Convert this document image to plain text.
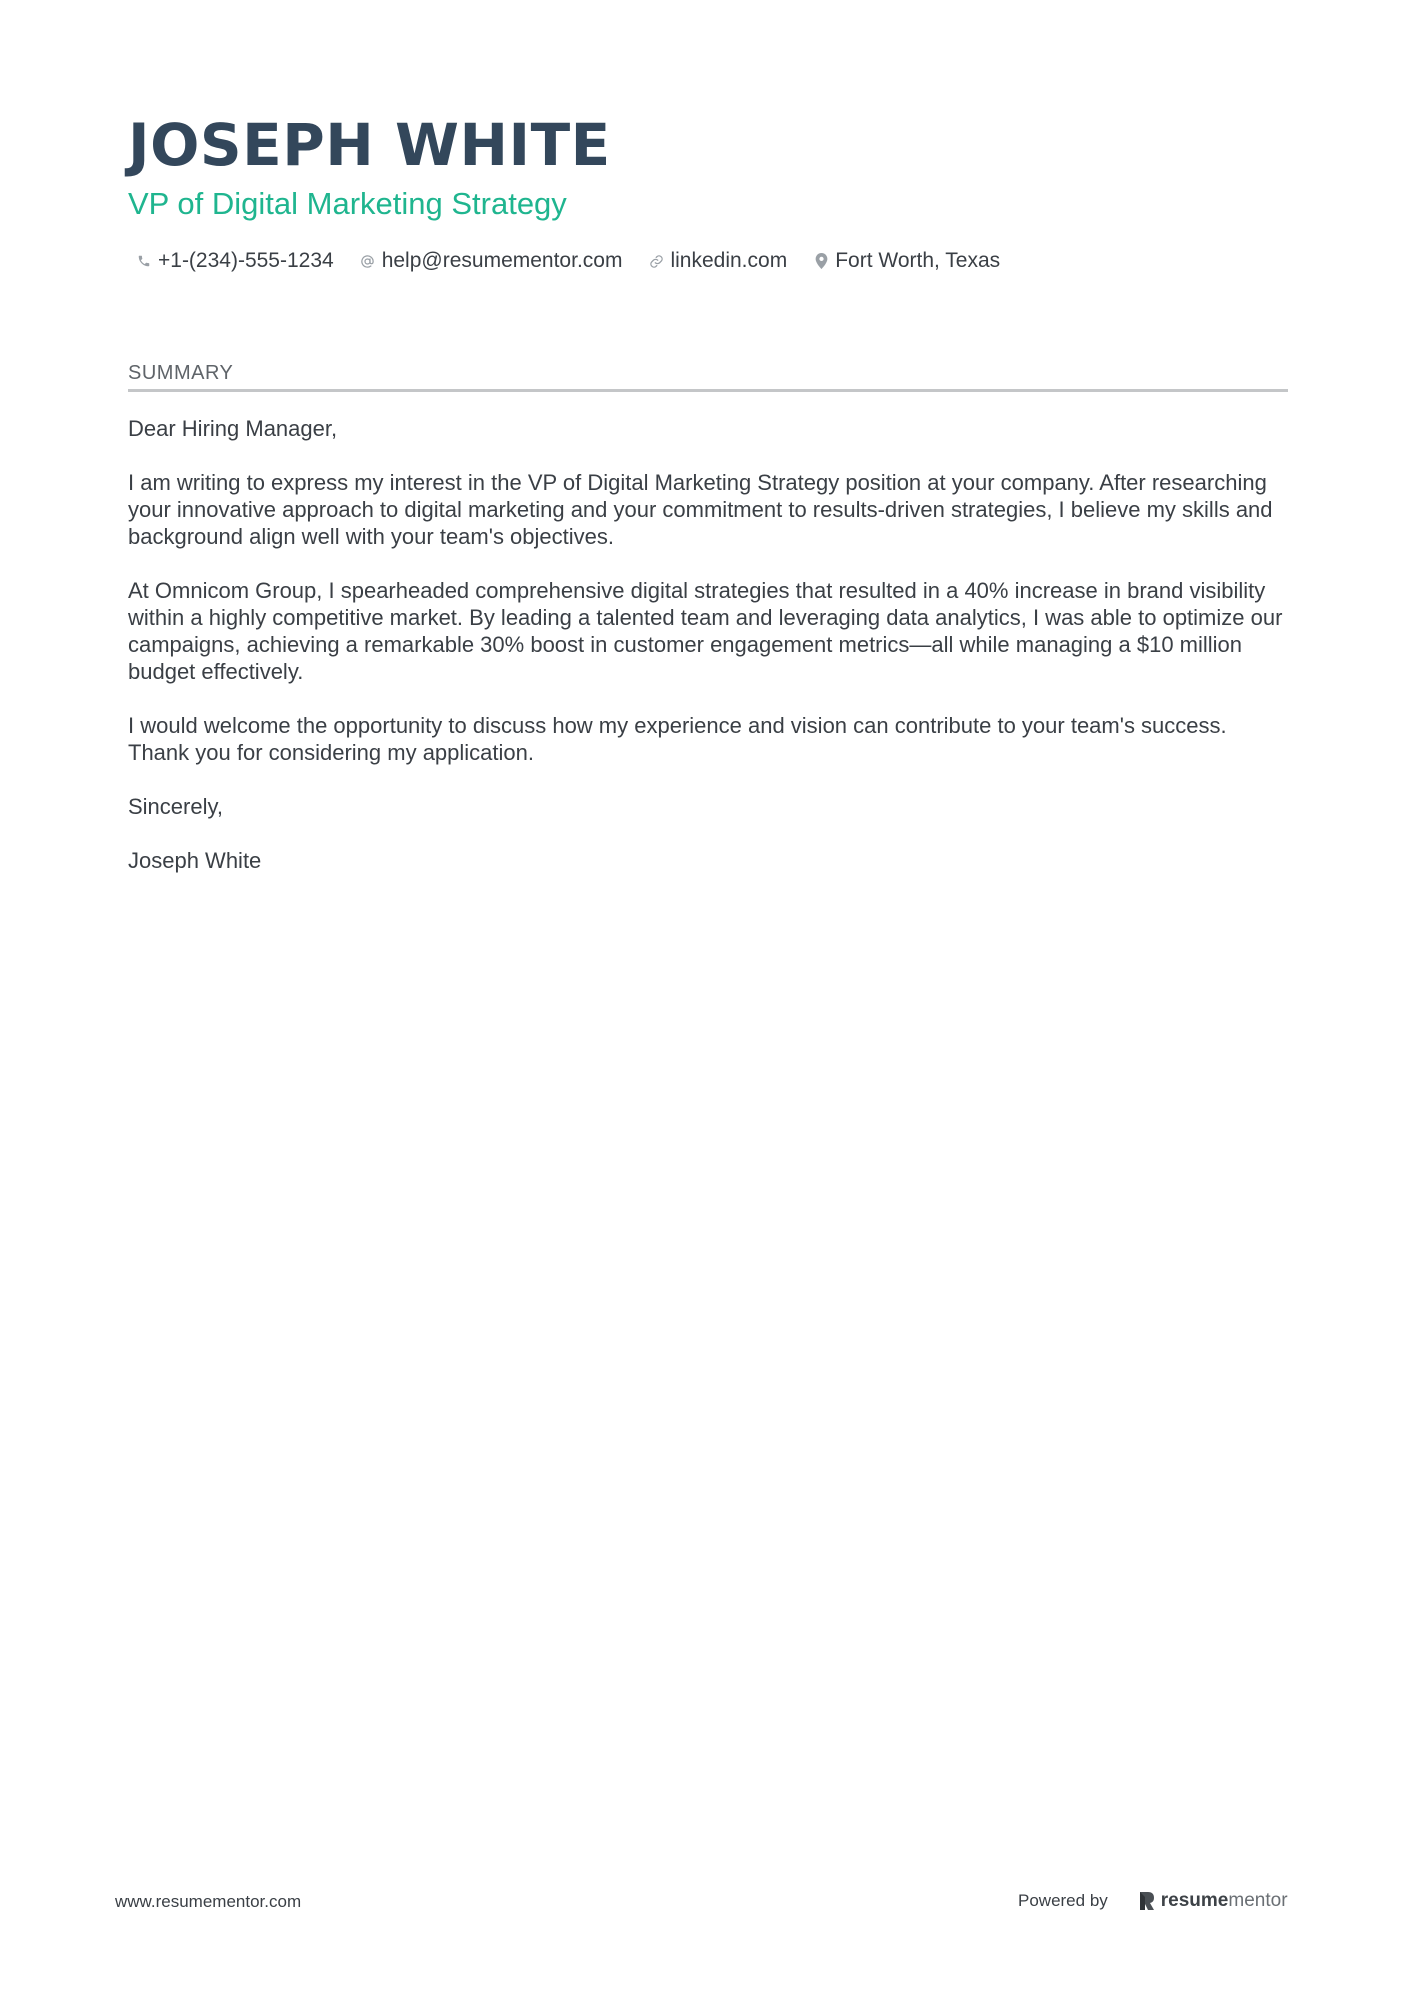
JOSEPH WHITE
VP of Digital Marketing Strategy
+1-(234)-555-1234 help@resumementor.com linkedin.com Fort Worth, Texas
SUMMARY

Dear Hiring Manager,

I am writing to express my interest in the VP of Digital Marketing Strategy position at your company. After researching your innovative approach to digital marketing and your commitment to results-driven strategies, I believe my skills and background align well with your team's objectives.

At Omnicom Group, I spearheaded comprehensive digital strategies that resulted in a 40% increase in brand visibility within a highly competitive market. By leading a talented team and leveraging data analytics, I was able to optimize our campaigns, achieving a remarkable 30% boost in customer engagement metrics—all while managing a $10 million budget effectively.

I would welcome the opportunity to discuss how my experience and vision can contribute to your team's success. Thank you for considering my application.

Sincerely,

Joseph White

www.resumementor.com	Powered by	resume mentor
